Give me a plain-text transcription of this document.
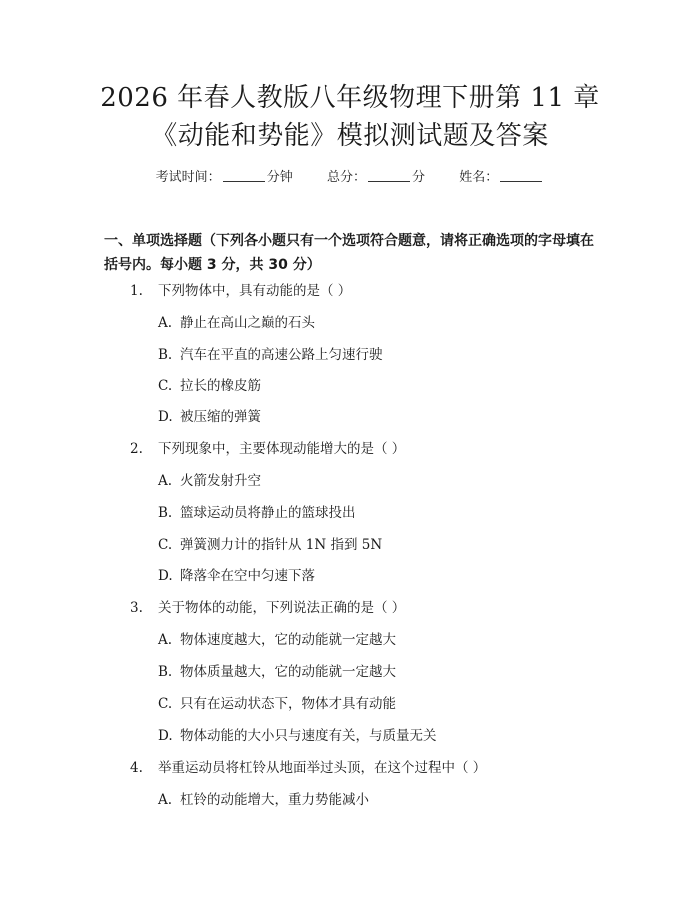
2026 年春人教版八年级物理下册第 11 章
《动能和势能》模拟测试题及答案
考试时间：	分钟	总分：	分	姓名：
一、单项选择题（下列各小题只有一个选项符合题意，请将正确选项的字母填在括号内。每小题 3 分，共 30 分）
1. 下列物体中，具有动能的是（ ）
A. 静止在高山之巅的石头
B. 汽车在平直的高速公路上匀速行驶
C. 拉长的橡皮筋
D. 被压缩的弹簧
2. 下列现象中，主要体现动能增大的是（ ）
A. 火箭发射升空
B. 篮球运动员将静止的篮球投出
C. 弹簧测力计的指针从 1N 指到 5N
D. 降落伞在空中匀速下落
3. 关于物体的动能，下列说法正确的是（ ）
A. 物体速度越大，它的动能就一定越大
B. 物体质量越大，它的动能就一定越大
C. 只有在运动状态下，物体才具有动能
D. 物体动能的大小只与速度有关，与质量无关
4. 举重运动员将杠铃从地面举过头顶，在这个过程中（ ）
A. 杠铃的动能增大，重力势能减小
